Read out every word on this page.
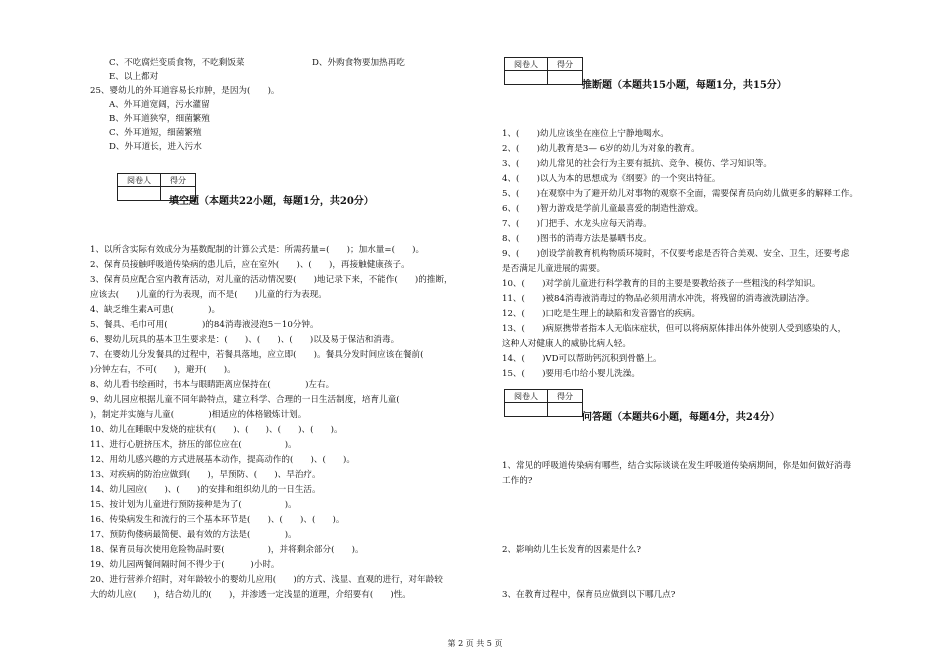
C、不吃腐烂变质食物，不吃剩饭菜	D、外购食物要加热再吃
E、以上都对
25、婴幼儿的外耳道容易长疖肿，是因为(　　)。
A、外耳道宽阔，污水灌留
B、外耳道狭窄，细菌繁殖
C、外耳道短，细菌繁殖
D、外耳道长，进入污水
阅卷人	得分

填空题（本题共22小题，每题1分，共20分）
1、以所含实际有效成分为基数配制的计算公式是：所需药量=(　　)；加水量=(　　)。
2、保育员接触呼吸道传染病的患儿后，应在室外(　　)、(　　)，再接触健康孩子。
3、保育员应配合室内教育活动，对儿童的活动情况要(　　)地记录下来，不能作(　　)的推断，
应该去(　　)儿童的行为表现，而不是(　　)儿童的行为表现。
4、缺乏维生素A可患(　　　　)。
5、餐具、毛巾可用(　　　　)的84消毒液浸泡5－10分钟。
6、婴幼儿玩具的基本卫生要求是：(　　)、(　　)、(　　)以及易于保洁和消毒。
7、在婴幼儿分发餐具的过程中，若餐具落地，应立即(　　)。餐具分发时间应该在餐前(　　
)分钟左右，不可(　　)，避开(　　)。
8、幼儿看书绘画时，书本与眼睛距离应保持在(　　　　)左右。
9、幼儿园应根据儿童不同年龄特点，建立科学、合理的一日生活制度，培育儿童(　　　　
)，制定并实施与儿童(　　　　)相适应的体格锻炼计划。
10、幼儿在睡眠中发烧的症状有(　　)、(　　)、(　　)、(　　)。
11、进行心脏挤压术，挤压的部位应在(　　　　　)。
12、用幼儿感兴趣的方式进展基本动作，提高动作的(　　)、(　　)。
13、对疾病的防治应做到(　　)，早预防、(　　)、早治疗。
14、幼儿园应(　　)、(　　)的安排和组织幼儿的一日生活。
15、按计划为儿童进行预防接种是为了(　　　　　)。
16、传染病发生和流行的三个基本环节是(　　)、(　　)、(　　)。
17、预防佝偻病最简便、最有效的方法是(　　　　)。
18、保育员每次使用危险物品时要(　　　　　)，并将剩余部分(　　)。
19、幼儿园两餐间隔时间不得少于(　　　)小时。
20、进行营养介绍时，对年龄较小的婴幼儿应用(　　)的方式、浅显、直观的进行，对年龄较
大的幼儿应(　　)，结合幼儿的(　　)，并渗透一定浅显的道理，介绍要有(　　)性。
阅卷人	得分

推断题（本题共15小题，每题1分，共15分）
1、(　　)幼儿应该坐在座位上宁静地喝水。
2、(　　)幼儿教育是3— 6岁的幼儿为对象的教育。
3、(　　)幼儿常见的社会行为主要有抵抗、竞争、模仿、学习知识等。
4、(　　)以人为本的思想成为《纲要》的一个突出特征。
5、(　　)在观察中为了避开幼儿对事物的观察不全面，需要保育员向幼儿做更多的解释工作。
6、(　　)智力游戏是学前儿童最喜爱的制造性游戏。
7、(　　)门把手、水龙头应每天消毒。
8、(　　)图书的消毒方法是暴晒书皮。
9、(　　)创设学前教育机构物质环境时，不仅要考虑是否符合美观、安全、卫生，还要考虑
是否满足儿童进展的需要。
10、(　　)对学前儿童进行科学教育的目的主要是要教给孩子一些粗浅的科学知识。
11、(　　)被84消毒液消毒过的物品必须用清水冲洗，将残留的消毒液洗刷洁净。
12、(　　)口吃是生理上的缺陷和发音器官的疾病。
13、(　　)病原携带者指本人无临床症状，但可以将病原体排出体外使别人受到感染的人，
这种人对健康人的威胁比病人轻。
14、(　　)VD可以帮助钙沉积到骨骼上。
15、(　　)要用毛巾给小婴儿洗澡。
阅卷人	得分

问答题（本题共6小题，每题4分，共24分）
1、常见的呼吸道传染病有哪些，结合实际谈谈在发生呼吸道传染病期间，你是如何做好消毒
工作的?
2、影响幼儿生长发育的因素是什么?
3、在教育过程中，保育员应做到以下哪几点?
第 2 页 共 5 页
